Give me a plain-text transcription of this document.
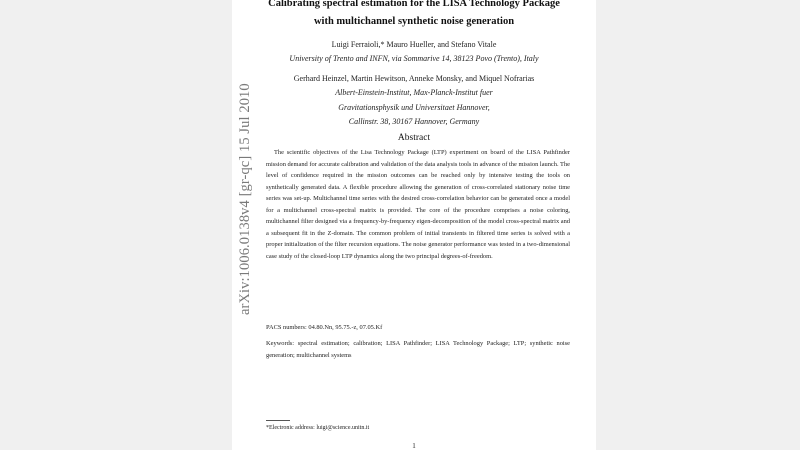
arXiv:1006.0138v4 [gr-qc] 15 Jul 2010
Calibrating spectral estimation for the LISA Technology Package
with multichannel synthetic noise generation
Luigi Ferraioli,* Mauro Hueller, and Stefano Vitale
University of Trento and INFN, via Sommarive 14, 38123 Povo (Trento), Italy
Gerhard Heinzel, Martin Hewitson, Anneke Monsky, and Miquel Nofrarias
Albert-Einstein-Institut, Max-Planck-Institut fuer
Gravitationsphysik und Universitaet Hannover,
Callinstr. 38, 30167 Hannover, Germany
Abstract
The scientific objectives of the Lisa Technology Package (LTP) experiment on board of the LISA Pathfinder mission demand for accurate calibration and validation of the data analysis tools in advance of the mission launch. The level of confidence required in the mission outcomes can be reached only by intensive testing the tools on synthetically generated data. A flexible procedure allowing the generation of cross-correlated stationary noise time series was set-up. Multichannel time series with the desired cross-correlation behavior can be generated once a model for a multichannel cross-spectral matrix is provided. The core of the procedure comprises a noise coloring, multichannel filter designed via a frequency-by-frequency eigen-decomposition of the model cross-spectral matrix and a subsequent fit in the Z-domain. The common problem of initial transients in filtered time series is solved with a proper initialization of the filter recursion equations. The noise generator performance was tested in a two-dimensional case study of the closed-loop LTP dynamics along the two principal degrees-of-freedom.
PACS numbers: 04.80.Nn, 95.75.-z, 07.05.Kf
Keywords: spectral estimation; calibration; LISA Pathfinder; LISA Technology Package; LTP; synthetic noise generation; multichannel systems
*Electronic address: luigi@science.unitn.it
1
